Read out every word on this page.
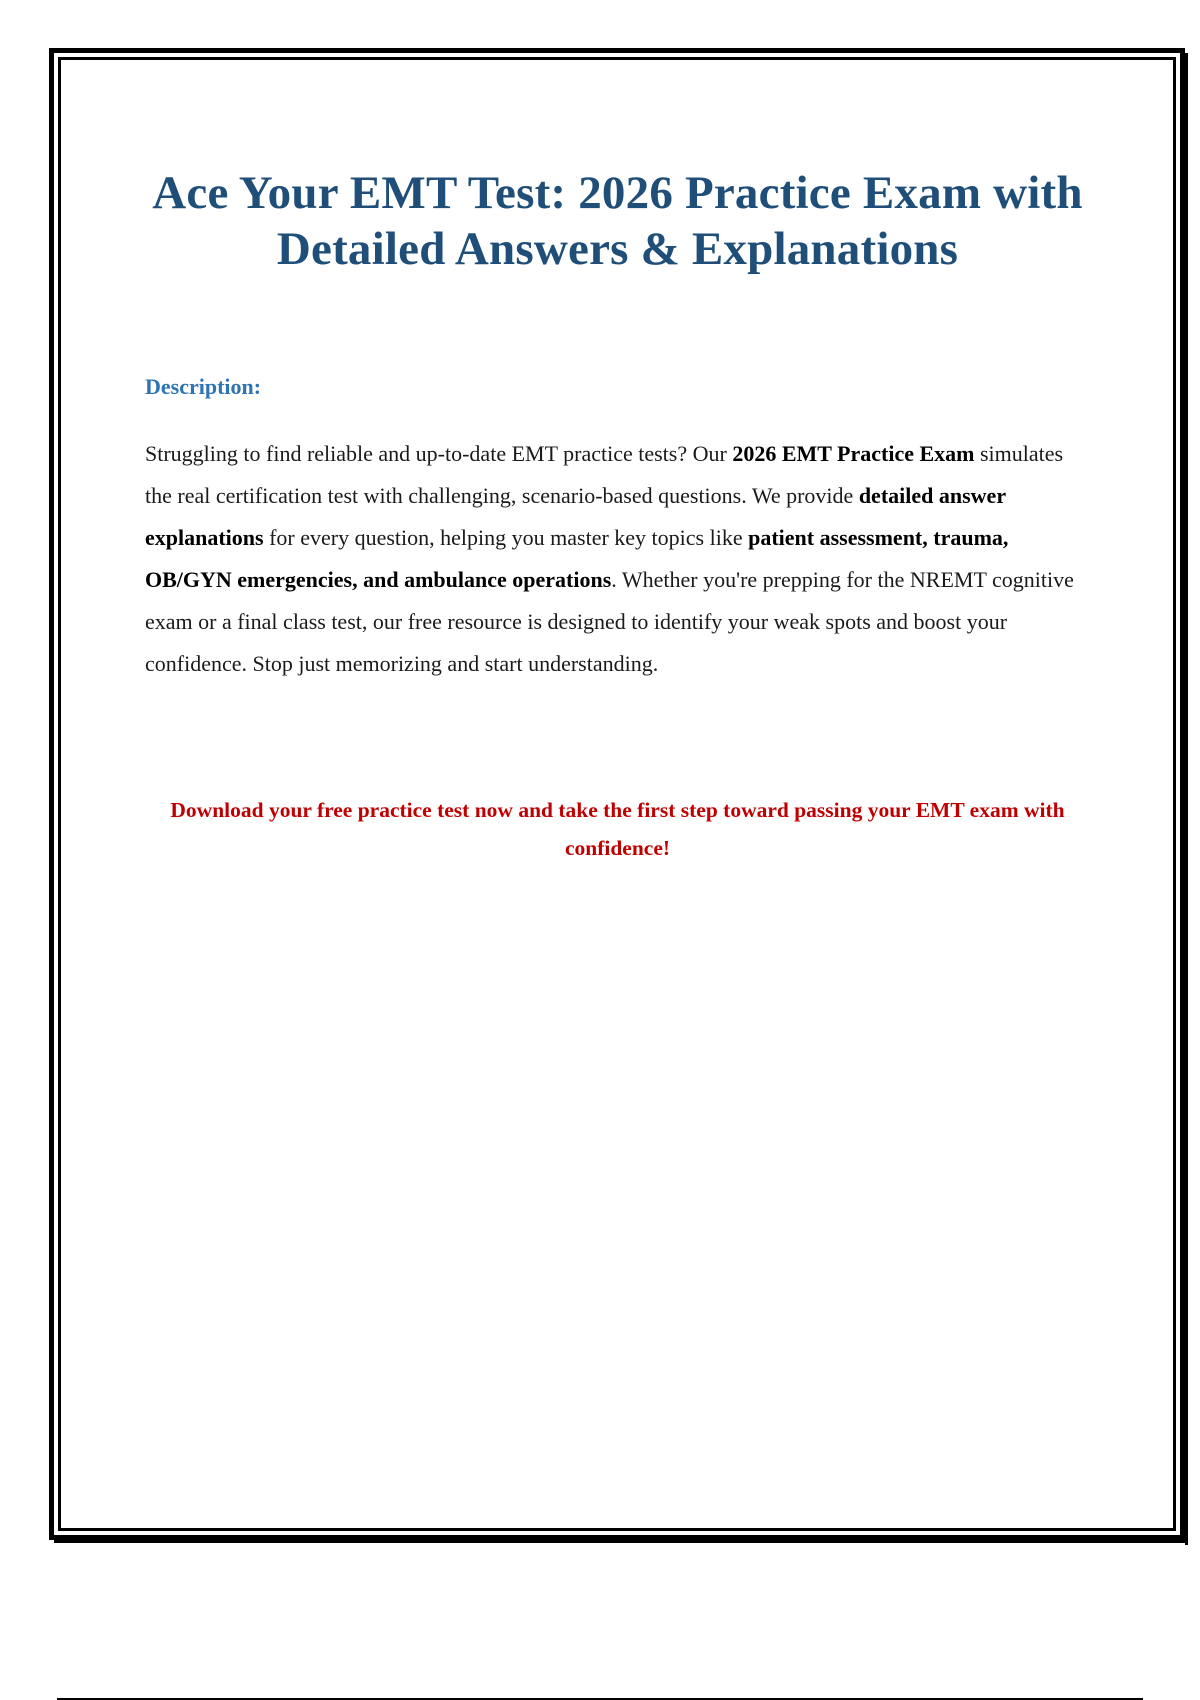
Ace Your EMT Test: 2026 Practice Exam with Detailed Answers & Explanations
Description:

Struggling to find reliable and up-to-date EMT practice tests? Our 2026 EMT Practice Exam simulates the real certification test with challenging, scenario-based questions. We provide detailed answer explanations for every question, helping you master key topics like patient assessment, trauma, OB/GYN emergencies, and ambulance operations. Whether you're prepping for the NREMT cognitive exam or a final class test, our free resource is designed to identify your weak spots and boost your confidence. Stop just memorizing and start understanding.

Download your free practice test now and take the first step toward passing your EMT exam with confidence!
